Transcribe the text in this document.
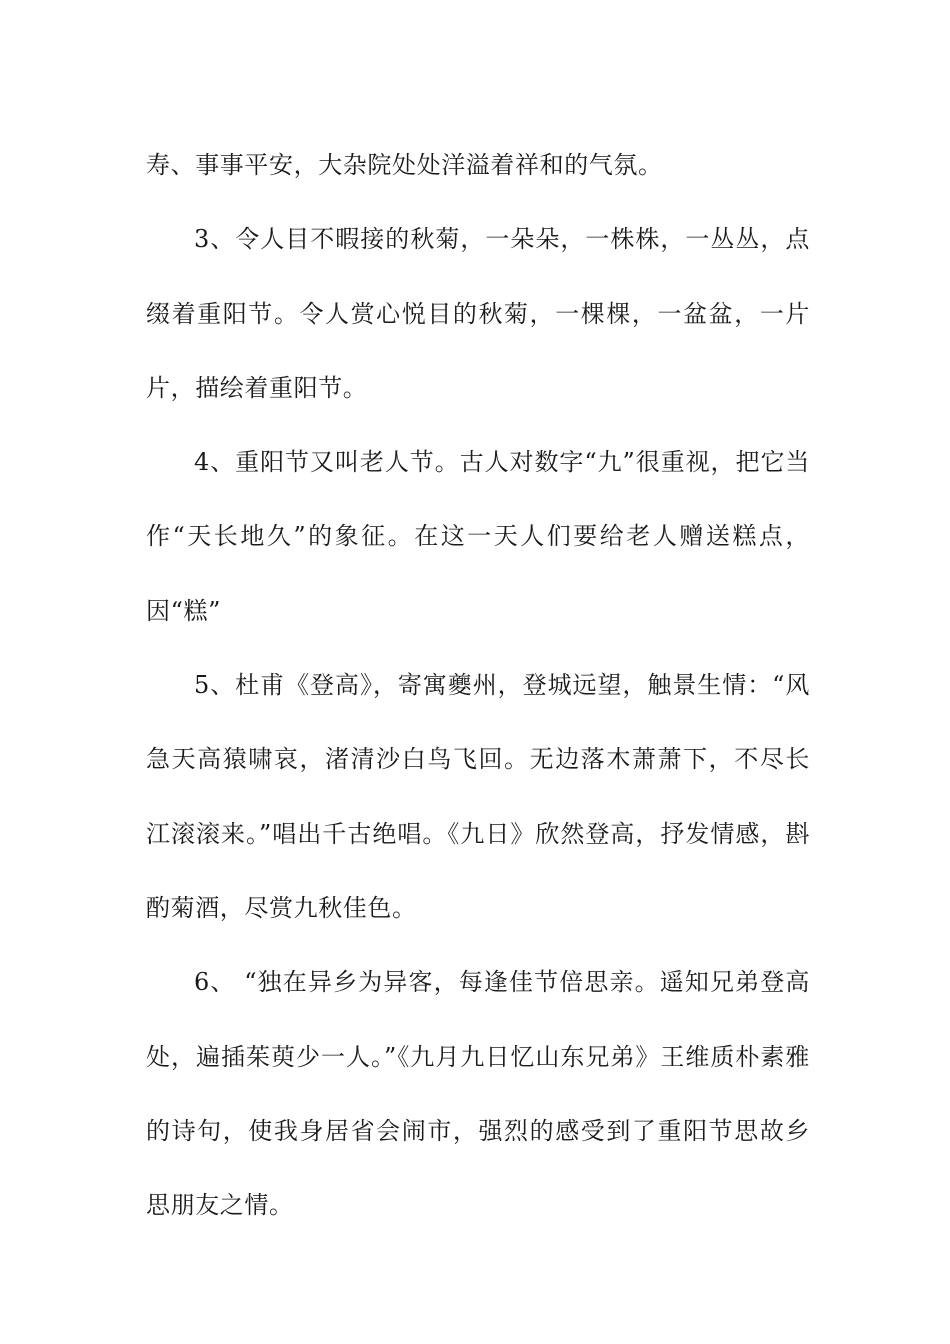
寿、事事平安，大杂院处处洋溢着祥和的气氛。

3、令人目不暇接的秋菊，一朵朵，一株株，一丛丛，点缀着重阳节。令人赏心悦目的秋菊，一棵棵，一盆盆，一片片，描绘着重阳节。

4、重阳节又叫老人节。古人对数字“九”很重视，把它当作“天长地久”的象征。在这一天人们要给老人赠送糕点，因“糕”

5、杜甫《登高》，寄寓夔州，登城远望，触景生情：“风急天高猿啸哀，渚清沙白鸟飞回。无边落木萧萧下，不尽长江滚滚来。”唱出千古绝唱。《九日》欣然登高，抒发情感，斟酌菊酒，尽赏九秋佳色。

6、 “独在异乡为异客，每逢佳节倍思亲。遥知兄弟登高处，遍插茱萸少一人。”《九月九日忆山东兄弟》王维质朴素雅的诗句，使我身居省会闹市，强烈的感受到了重阳节思故乡思朋友之情。
